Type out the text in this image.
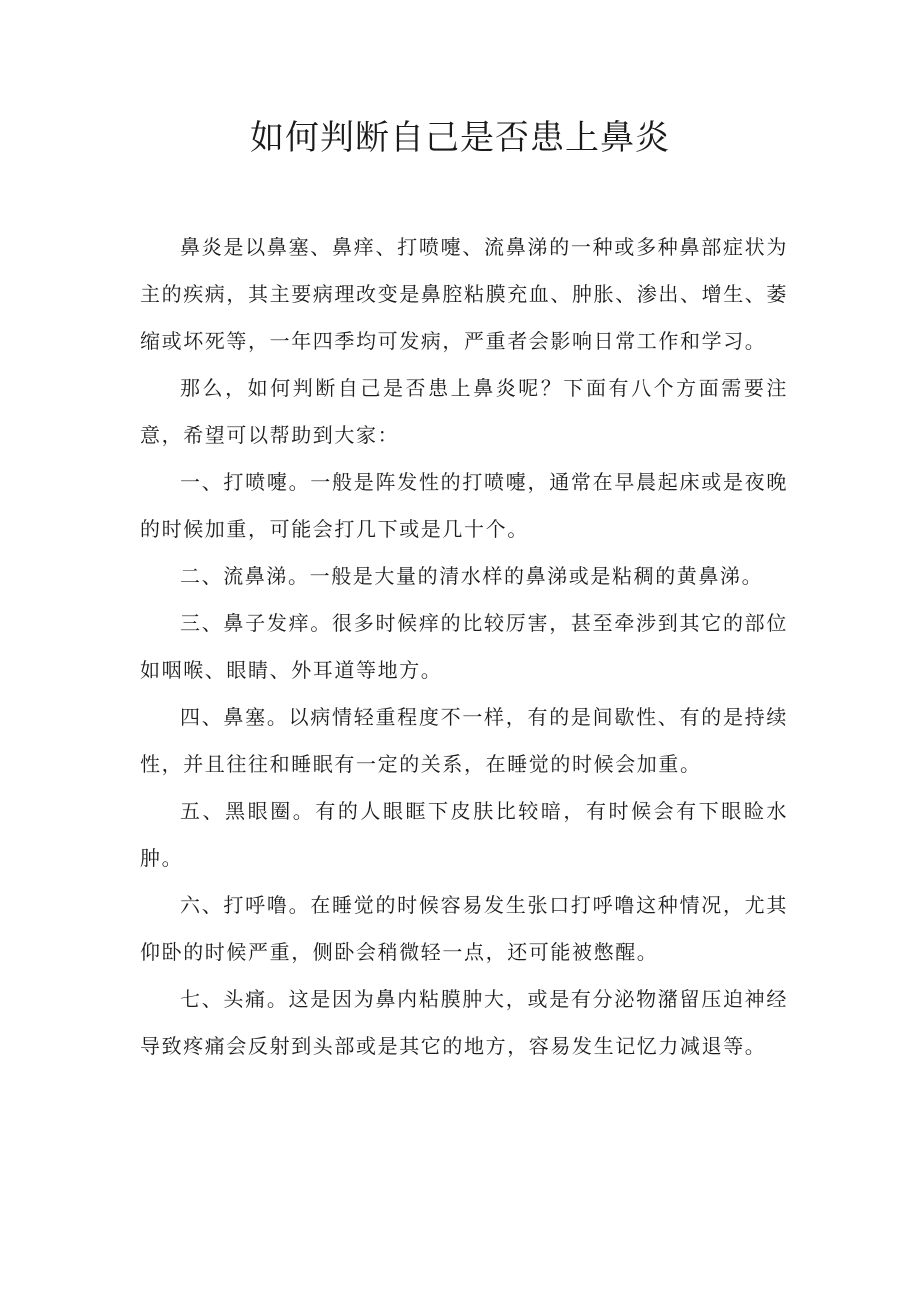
如何判断自己是否患上鼻炎

鼻炎是以鼻塞、鼻痒、打喷嚏、流鼻涕的一种或多种鼻部症状为主的疾病，其主要病理改变是鼻腔粘膜充血、肿胀、渗出、增生、萎缩或坏死等，一年四季均可发病，严重者会影响日常工作和学习。

那么，如何判断自己是否患上鼻炎呢？下面有八个方面需要注意，希望可以帮助到大家：

一、打喷嚏。一般是阵发性的打喷嚏，通常在早晨起床或是夜晚的时候加重，可能会打几下或是几十个。

二、流鼻涕。一般是大量的清水样的鼻涕或是粘稠的黄鼻涕。

三、鼻子发痒。很多时候痒的比较厉害，甚至牵涉到其它的部位如咽喉、眼睛、外耳道等地方。

四、鼻塞。以病情轻重程度不一样，有的是间歇性、有的是持续性，并且往往和睡眠有一定的关系，在睡觉的时候会加重。

五、黑眼圈。有的人眼眶下皮肤比较暗，有时候会有下眼睑水肿。

六、打呼噜。在睡觉的时候容易发生张口打呼噜这种情况，尤其仰卧的时候严重，侧卧会稍微轻一点，还可能被憋醒。

七、头痛。这是因为鼻内粘膜肿大，或是有分泌物潴留压迫神经导致疼痛会反射到头部或是其它的地方，容易发生记忆力减退等。
